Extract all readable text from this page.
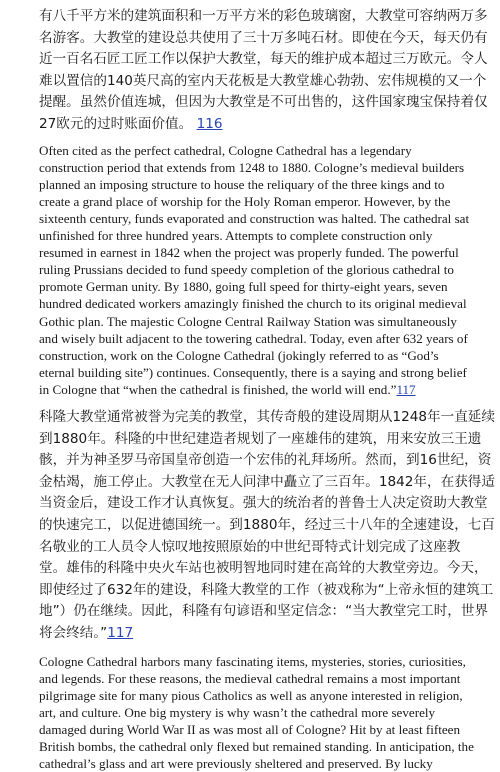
有八千平方米的建筑面积和一万平方米的彩色玻璃窗，大教堂可容纳两万多
名游客。大教堂的建设总共使用了三十万多吨石材。即使在今天，每天仍有
近一百名石匠工匠工作以保护大教堂，每天的维护成本超过三万欧元。令人
难以置信的140英尺高的室内天花板是大教堂雄心勃勃、宏伟规模的又一个
提醒。虽然价值连城，但因为大教堂是不可出售的，这件国家瑰宝保持着仅
27欧元的过时账面价值。 116

Often cited as the perfect cathedral, Cologne Cathedral has a legendary
construction period that extends from 1248 to 1880. Cologne’s medieval builders
planned an imposing structure to house the reliquary of the three kings and to
create a grand place of worship for the Holy Roman emperor. However, by the
sixteenth century, funds evaporated and construction was halted. The cathedral sat
unfinished for three hundred years. Attempts to complete construction only
resumed in earnest in 1842 when the project was properly funded. The powerful
ruling Prussians decided to fund speedy completion of the glorious cathedral to
promote German unity. By 1880, going full speed for thirty-eight years, seven
hundred dedicated workers amazingly finished the church to its original medieval
Gothic plan. The majestic Cologne Central Railway Station was simultaneously
and wisely built adjacent to the towering cathedral. Today, even after 632 years of
construction, work on the Cologne Cathedral (jokingly referred to as “God’s
eternal building site”) continues. Consequently, there is a saying and strong belief
in Cologne that “when the cathedral is finished, the world will end.”117

科隆大教堂通常被誉为完美的教堂，其传奇般的建设周期从1248年一直延续
到1880年。科隆的中世纪建造者规划了一座雄伟的建筑，用来安放三王遗
骸，并为神圣罗马帝国皇帝创造一个宏伟的礼拜场所。然而，到16世纪，资
金枯竭，施工停止。大教堂在无人问津中矗立了三百年。1842年，在获得适
当资金后，建设工作才认真恢复。强大的统治者的普鲁士人决定资助大教堂
的快速完工，以促进德国统一。到1880年，经过三十八年的全速建设，七百
名敬业的工人员令人惊叹地按照原始的中世纪哥特式计划完成了这座教
堂。雄伟的科隆中央火车站也被明智地同时建在高耸的大教堂旁边。今天，
即使经过了632年的建设，科隆大教堂的工作（被戏称为“上帝永恒的建筑工
地”）仍在继续。因此，科隆有句谚语和坚定信念：“当大教堂完工时，世界
将会终结。”117

Cologne Cathedral harbors many fascinating items, mysteries, stories, curiosities,
and legends. For these reasons, the medieval cathedral remains a most important
pilgrimage site for many pious Catholics as well as anyone interested in religion,
art, and culture. One big mystery is why wasn’t the cathedral more severely
damaged during World War II as was most all of Cologne? Hit by at least fifteen
British bombs, the cathedral only flexed but remained standing. In anticipation, the
cathedral’s glass and art were previously sheltered and preserved. By lucky
